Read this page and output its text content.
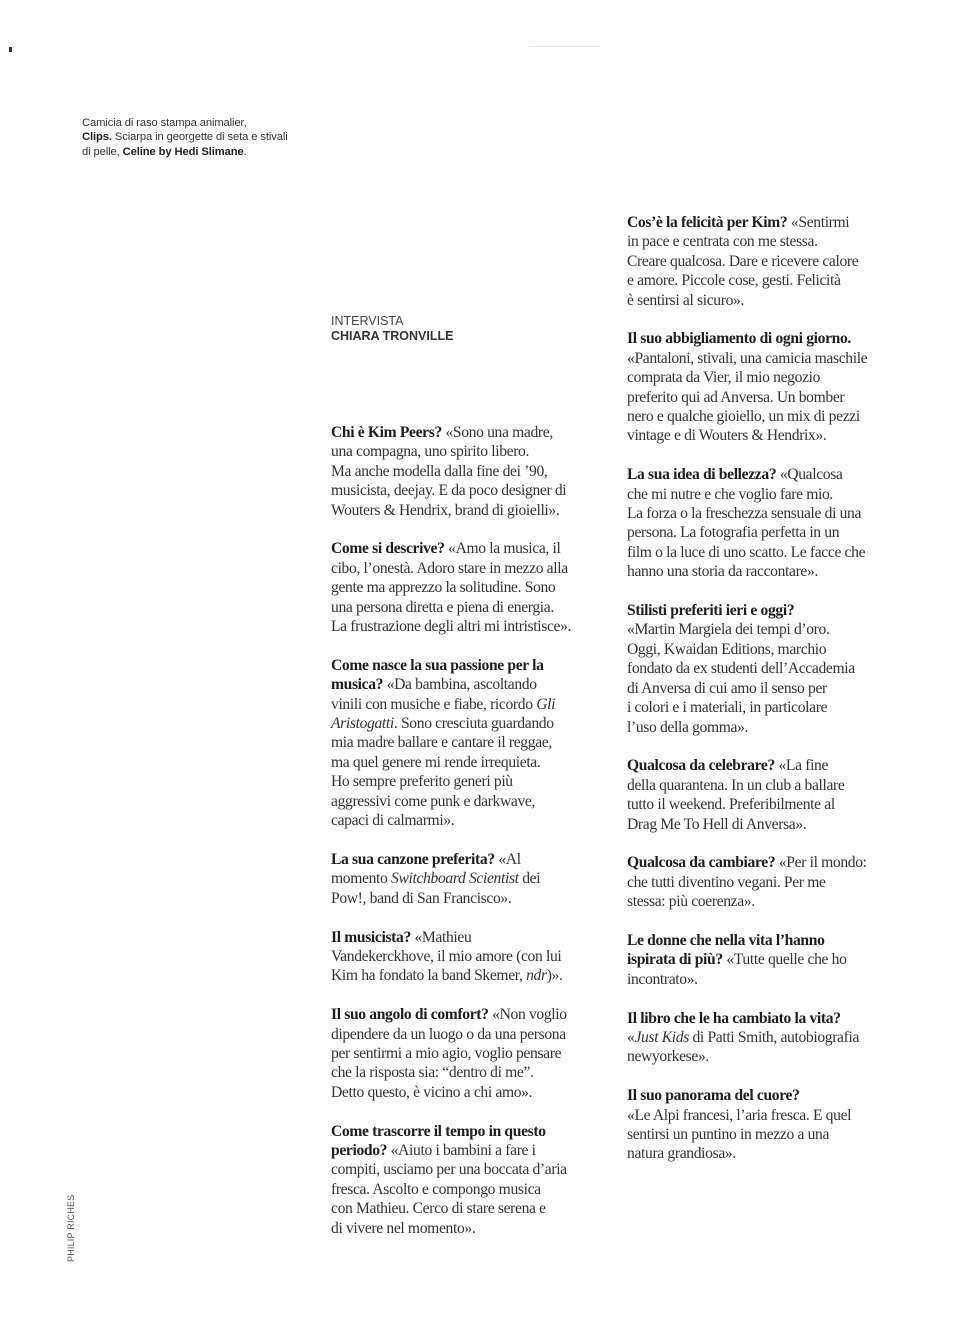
Camicia di raso stampa animalier,
Clips. Sciarpa in georgette di seta e stivali
di pelle, Celine by Hedi Slimane.
INTERVISTA
CHIARA TRONVILLE
Chi è Kim Peers? «Sono una madre,
una compagna, uno spirito libero.
Ma anche modella dalla fine dei ’90,
musicista, deejay. E da poco designer di
Wouters & Hendrix, brand di gioielli».
Come si descrive? «Amo la musica, il
cibo, l’onestà. Adoro stare in mezzo alla
gente ma apprezzo la solitudine. Sono
una persona diretta e piena di energia.
La frustrazione degli altri mi intristisce».
Come nasce la sua passione per la
musica? «Da bambina, ascoltando
vinili con musiche e fiabe, ricordo Gli
Aristogatti. Sono cresciuta guardando
mia madre ballare e cantare il reggae,
ma quel genere mi rende irrequieta.
Ho sempre preferito generi più
aggressivi come punk e darkwave,
capaci di calmarmi».
La sua canzone preferita? «Al
momento Switchboard Scientist dei
Pow!, band di San Francisco».
Il musicista? «Mathieu
Vandekerckhove, il mio amore (con lui
Kim ha fondato la band Skemer, ndr)».
Il suo angolo di comfort? «Non voglio
dipendere da un luogo o da una persona
per sentirmi a mio agio, voglio pensare
che la risposta sia: “dentro di me”.
Detto questo, è vicino a chi amo».
Come trascorre il tempo in questo
periodo? «Aiuto i bambini a fare i
compiti, usciamo per una boccata d’aria
fresca. Ascolto e compongo musica
con Mathieu. Cerco di stare serena e
di vivere nel momento».
Cos’è la felicità per Kim? «Sentirmi
in pace e centrata con me stessa.
Creare qualcosa. Dare e ricevere calore
e amore. Piccole cose, gesti. Felicità
è sentirsi al sicuro».
Il suo abbigliamento di ogni giorno.
«Pantaloni, stivali, una camicia maschile
comprata da Vier, il mio negozio
preferito qui ad Anversa. Un bomber
nero e qualche gioiello, un mix di pezzi
vintage e di Wouters & Hendrix».
La sua idea di bellezza? «Qualcosa
che mi nutre e che voglio fare mio.
La forza o la freschezza sensuale di una
persona. La fotografia perfetta in un
film o la luce di uno scatto. Le facce che
hanno una storia da raccontare».
Stilisti preferiti ieri e oggi?
«Martin Margiela dei tempi d’oro.
Oggi, Kwaidan Editions, marchio
fondato da ex studenti dell’Accademia
di Anversa di cui amo il senso per
i colori e i materiali, in particolare
l’uso della gomma».
Qualcosa da celebrare? «La fine
della quarantena. In un club a ballare
tutto il weekend. Preferibilmente al
Drag Me To Hell di Anversa».
Qualcosa da cambiare? «Per il mondo:
che tutti diventino vegani. Per me
stessa: più coerenza».
Le donne che nella vita l’hanno
ispirata di più? «Tutte quelle che ho
incontrato».
Il libro che le ha cambiato la vita?
«Just Kids di Patti Smith, autobiografia
newyorkese».
Il suo panorama del cuore?
«Le Alpi francesi, l’aria fresca. E quel
sentirsi un puntino in mezzo a una
natura grandiosa».
PHILIP RICHES
